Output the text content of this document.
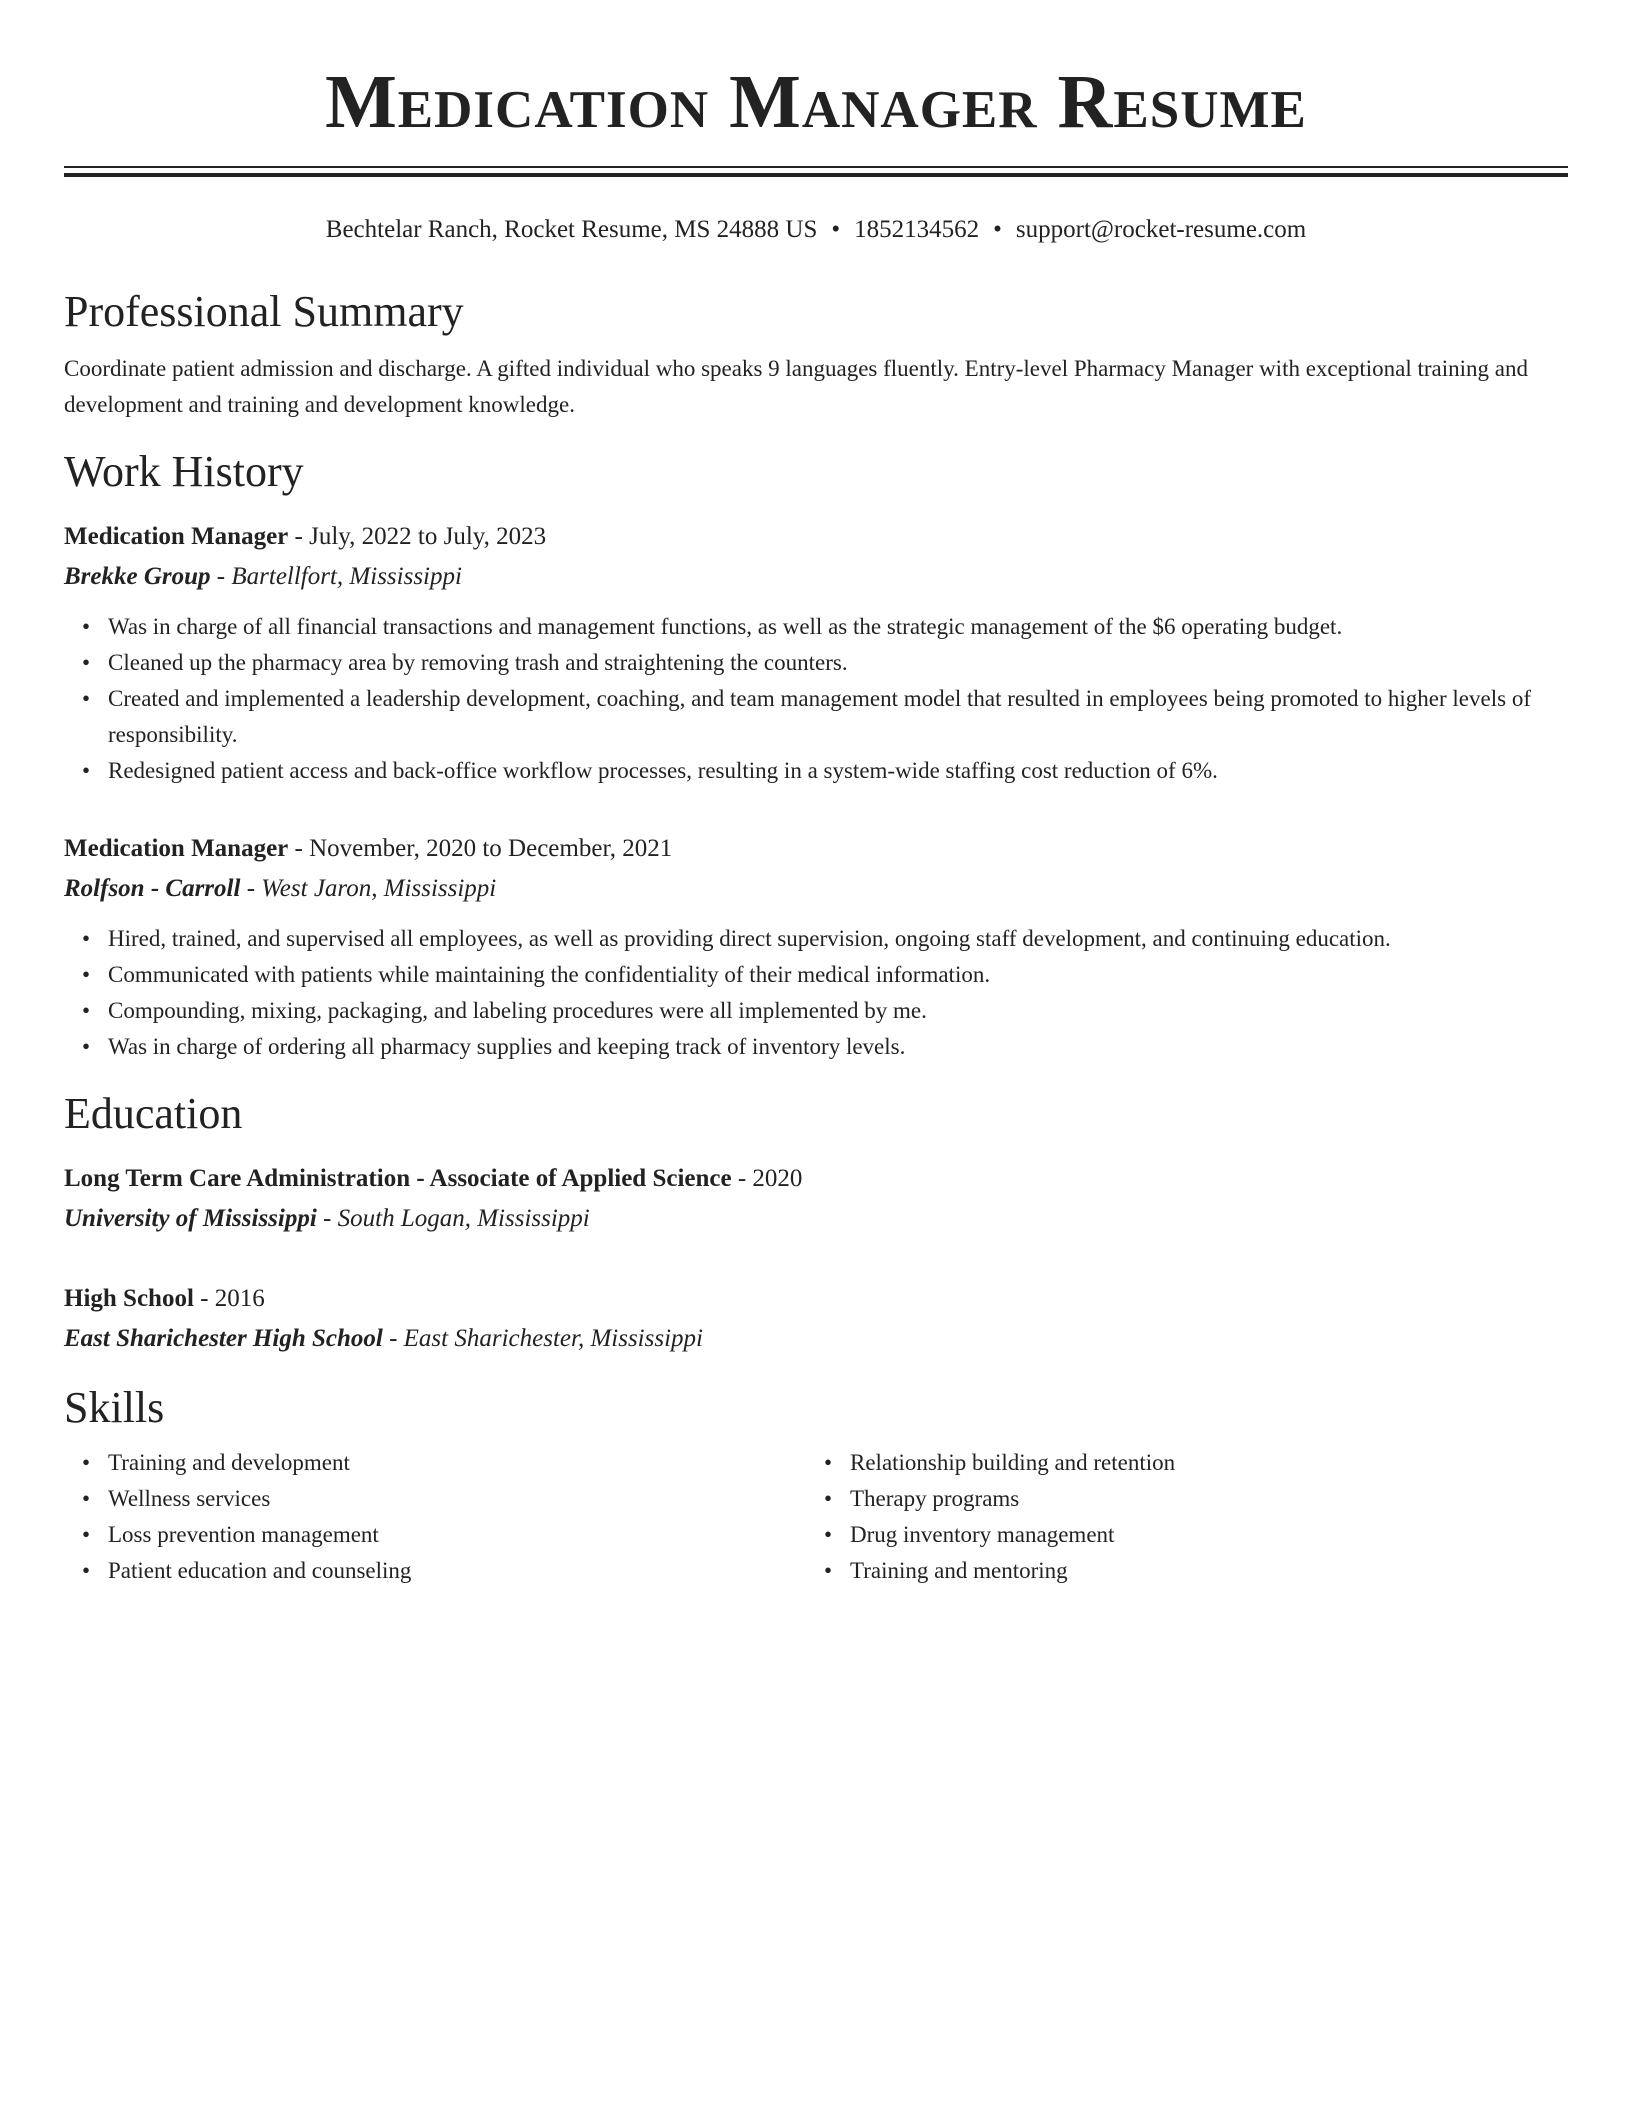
Medication Manager Resume
Bechtelar Ranch, Rocket Resume, MS 24888 US • 1852134562 • support@rocket-resume.com
Professional Summary
Coordinate patient admission and discharge. A gifted individual who speaks 9 languages fluently. Entry-level Pharmacy Manager with exceptional training and development and training and development knowledge.
Work History
Medication Manager - July, 2022 to July, 2023
Brekke Group - Bartellfort, Mississippi
• Was in charge of all financial transactions and management functions, as well as the strategic management of the $6 operating budget.
• Cleaned up the pharmacy area by removing trash and straightening the counters.
• Created and implemented a leadership development, coaching, and team management model that resulted in employees being promoted to higher levels of responsibility.
• Redesigned patient access and back-office workflow processes, resulting in a system-wide staffing cost reduction of 6%.
Medication Manager - November, 2020 to December, 2021
Rolfson - Carroll - West Jaron, Mississippi
• Hired, trained, and supervised all employees, as well as providing direct supervision, ongoing staff development, and continuing education.
• Communicated with patients while maintaining the confidentiality of their medical information.
• Compounding, mixing, packaging, and labeling procedures were all implemented by me.
• Was in charge of ordering all pharmacy supplies and keeping track of inventory levels.
Education
Long Term Care Administration - Associate of Applied Science - 2020
University of Mississippi - South Logan, Mississippi
High School - 2016
East Sharichester High School - East Sharichester, Mississippi
Skills
• Training and development
• Wellness services
• Loss prevention management
• Patient education and counseling
• Relationship building and retention
• Therapy programs
• Drug inventory management
• Training and mentoring
